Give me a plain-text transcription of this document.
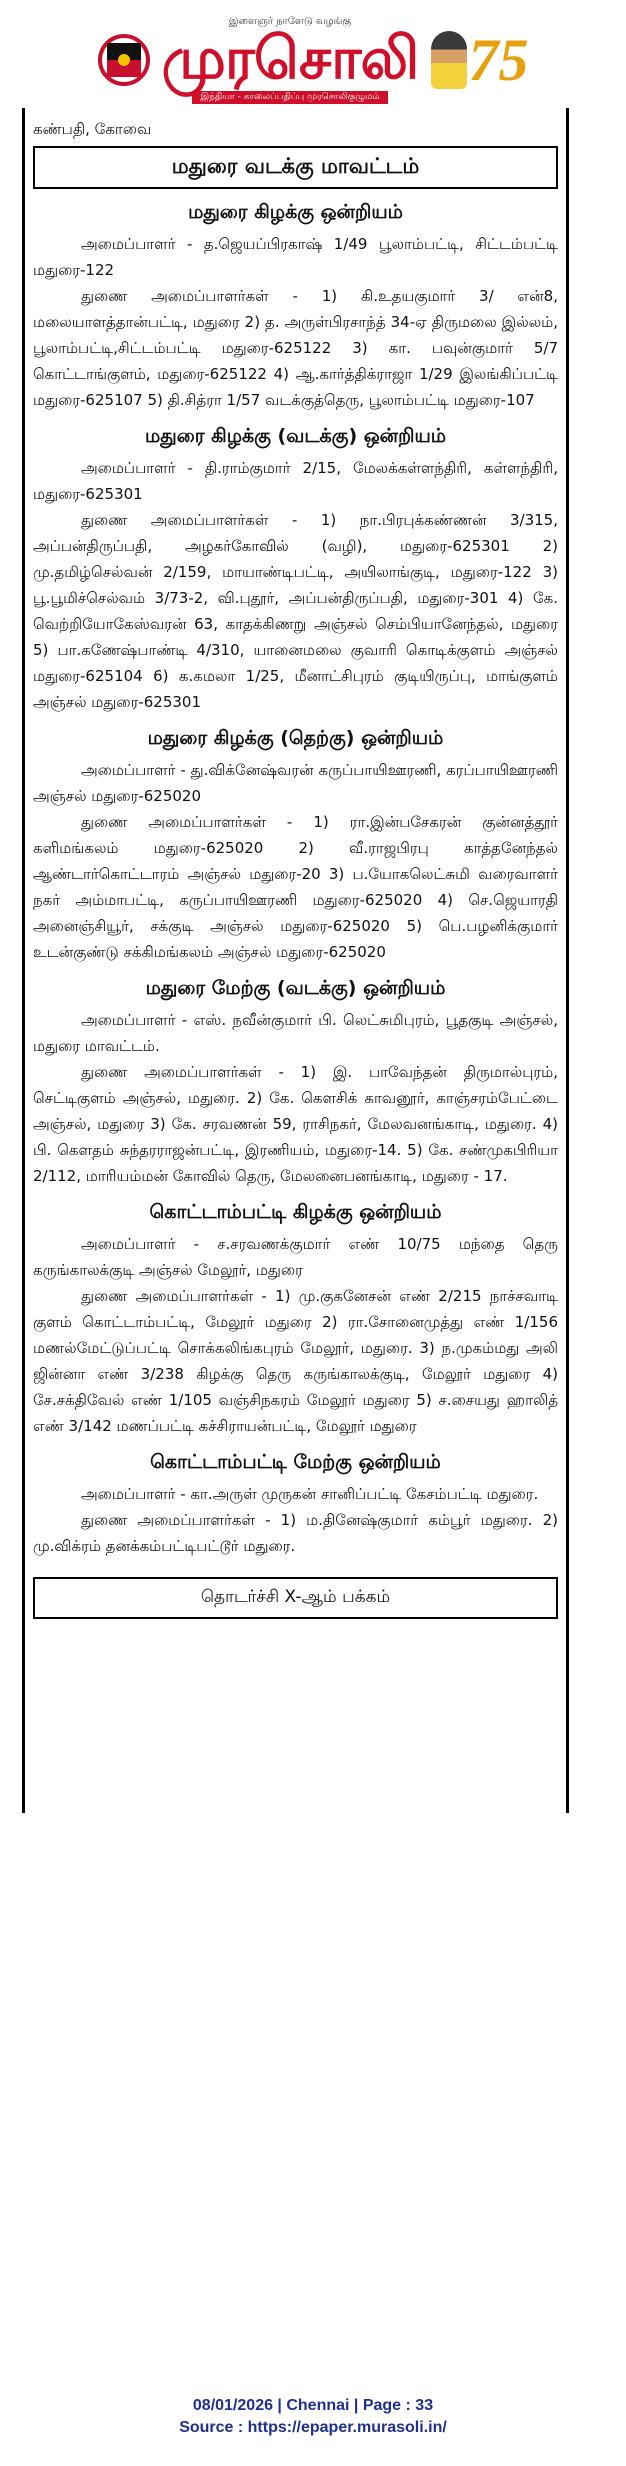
இளைஞர் நாளேடு வழங்கு
முரசொலி
இந்தியா - காலைப்பதிப்பு முரசொலிகுழுமம்
75

கண்பதி, கோவை
மதுரை வடக்கு மாவட்டம்
மதுரை கிழக்கு ஒன்றியம்

அமைப்பாளர் - த.ஜெயப்பிரகாஷ் 1/49 பூலாம்பட்டி, சிட்டம்பட்டி மதுரை-122

துணை அமைப்பாளர்கள் - 1) கி.உதயகுமார் 3/ என்8, மலையாளத்தான்பட்டி, மதுரை 2) த. அருள்பிரசாந்த் 34-ஏ திருமலை இல்லம், பூலாம்பட்டி,சிட்டம்பட்டி மதுரை-625122 3) கா. பவுன்குமார் 5/7 கொட்டாங்குளம், மதுரை-625122 4) ஆ.கார்த்திக்ராஜா 1/29 இலங்கிப்பட்டி மதுரை-625107 5) தி.சித்ரா 1/57 வடக்குத்தெரு, பூலாம்பட்டி மதுரை-107

மதுரை கிழக்கு (வடக்கு) ஒன்றியம்

அமைப்பாளர் - தி.ராம்குமார் 2/15, மேலக்கள்ளந்திரி, கள்ளந்திரி, மதுரை-625301

துணை அமைப்பாளர்கள் - 1) நா.பிரபுக்கண்ணன் 3/315, அப்பன்திருப்பதி, அழகர்கோவில் (வழி), மதுரை-625301 2) மு.தமிழ்செல்வன் 2/159, மாயாண்டிபட்டி, அயிலாங்குடி, மதுரை-122 3) பூ.பூமிச்செல்வம் 3/73-2, வி.புதூர், அப்பன்திருப்பதி, மதுரை-301 4) கே. வெற்றியோகேஸ்வரன் 63, காதக்கிணறு அஞ்சல் செம்பியானேந்தல், மதுரை 5) பா.கணேஷ்பாண்டி 4/310, யானைமலை குவாரி கொடிக்குளம் அஞ்சல் மதுரை-625104 6) க.கமலா 1/25, மீனாட்சிபுரம் குடியிருப்பு, மாங்குளம் அஞ்சல் மதுரை-625301

மதுரை கிழக்கு (தெற்கு) ஒன்றியம்

அமைப்பாளர் - து.விக்னேஷ்வரன் கருப்பாயிஊரணி, கரப்பாயிஊரணி அஞ்சல் மதுரை-625020

துணை அமைப்பாளர்கள் - 1) ரா.இன்பசேகரன் குன்னத்தூர் களிமங்கலம் மதுரை-625020 2) வீ.ராஜபிரபு காத்தனேந்தல் ஆண்டார்கொட்டாரம் அஞ்சல் மதுரை-20 3) ப.யோகலெட்சுமி வரைவாளர் நகர் அம்மாபட்டி, கருப்பாயிஊரணி மதுரை-625020 4) செ.ஜெயாரதி அனைஞ்சியூர், சக்குடி அஞ்சல் மதுரை-625020 5) பெ.பழனிக்குமார் உடன்குண்டு சக்கிமங்கலம் அஞ்சல் மதுரை-625020

மதுரை மேற்கு (வடக்கு) ஒன்றியம்

அமைப்பாளர் - எஸ். நவீன்குமார் பி. லெட்சுமிபுரம், பூதகுடி அஞ்சல், மதுரை மாவட்டம்.

துணை அமைப்பாளர்கள் - 1) இ. பாவேந்தன் திருமால்புரம், செட்டிகுளம் அஞ்சல், மதுரை. 2) கே. கௌசிக் காவனூர், காஞ்சரம்பேட்டை அஞ்சல், மதுரை 3) கே. சரவணன் 59, ராசிநகர், மேலவனங்காடி, மதுரை. 4) பி. கௌதம் சுந்தரராஜன்பட்டி, இரணியம், மதுரை-14. 5) கே. சண்முகபிரியா 2/112, மாரியம்மன் கோவில் தெரு, மேலனைபனங்காடி, மதுரை - 17.

கொட்டாம்பட்டி கிழக்கு ஒன்றியம்

அமைப்பாளர் - ச.சரவணக்குமார் எண் 10/75 மந்தை தெரு கருங்காலக்குடி அஞ்சல் மேலூர், மதுரை

துணை அமைப்பாளர்கள் - 1) மு.குகனேசன் எண் 2/215 நாச்சவாடி குளம் கொட்டாம்பட்டி, மேலூர் மதுரை 2) ரா.சோனைமுத்து எண் 1/156 மணல்மேட்டுப்பட்டி சொக்கலிங்கபுரம் மேலூர், மதுரை. 3) ந.முகம்மது அலி ஜின்னா எண் 3/238 கிழக்கு தெரு கருங்காலக்குடி, மேலூர் மதுரை 4) சே.சக்திவேல் எண் 1/105 வஞ்சிநகரம் மேலூர் மதுரை 5) ச.சையது ஹாலித் எண் 3/142 மணப்பட்டி கச்சிராயன்பட்டி, மேலூர் மதுரை

கொட்டாம்பட்டி மேற்கு ஒன்றியம்

அமைப்பாளர் - கா.அருள் முருகன் சானிப்பட்டி கேசம்பட்டி மதுரை.

துணை அமைப்பாளர்கள் - 1) ம.தினேஷ்குமார் கம்பூர் மதுரை. 2) மு.விக்ரம் தனக்கம்பட்டிபட்டூர் மதுரை.

தொடர்ச்சி X-ஆம் பக்கம்
08/01/2026 | Chennai | Page : 33
Source : https://epaper.murasoli.in/
